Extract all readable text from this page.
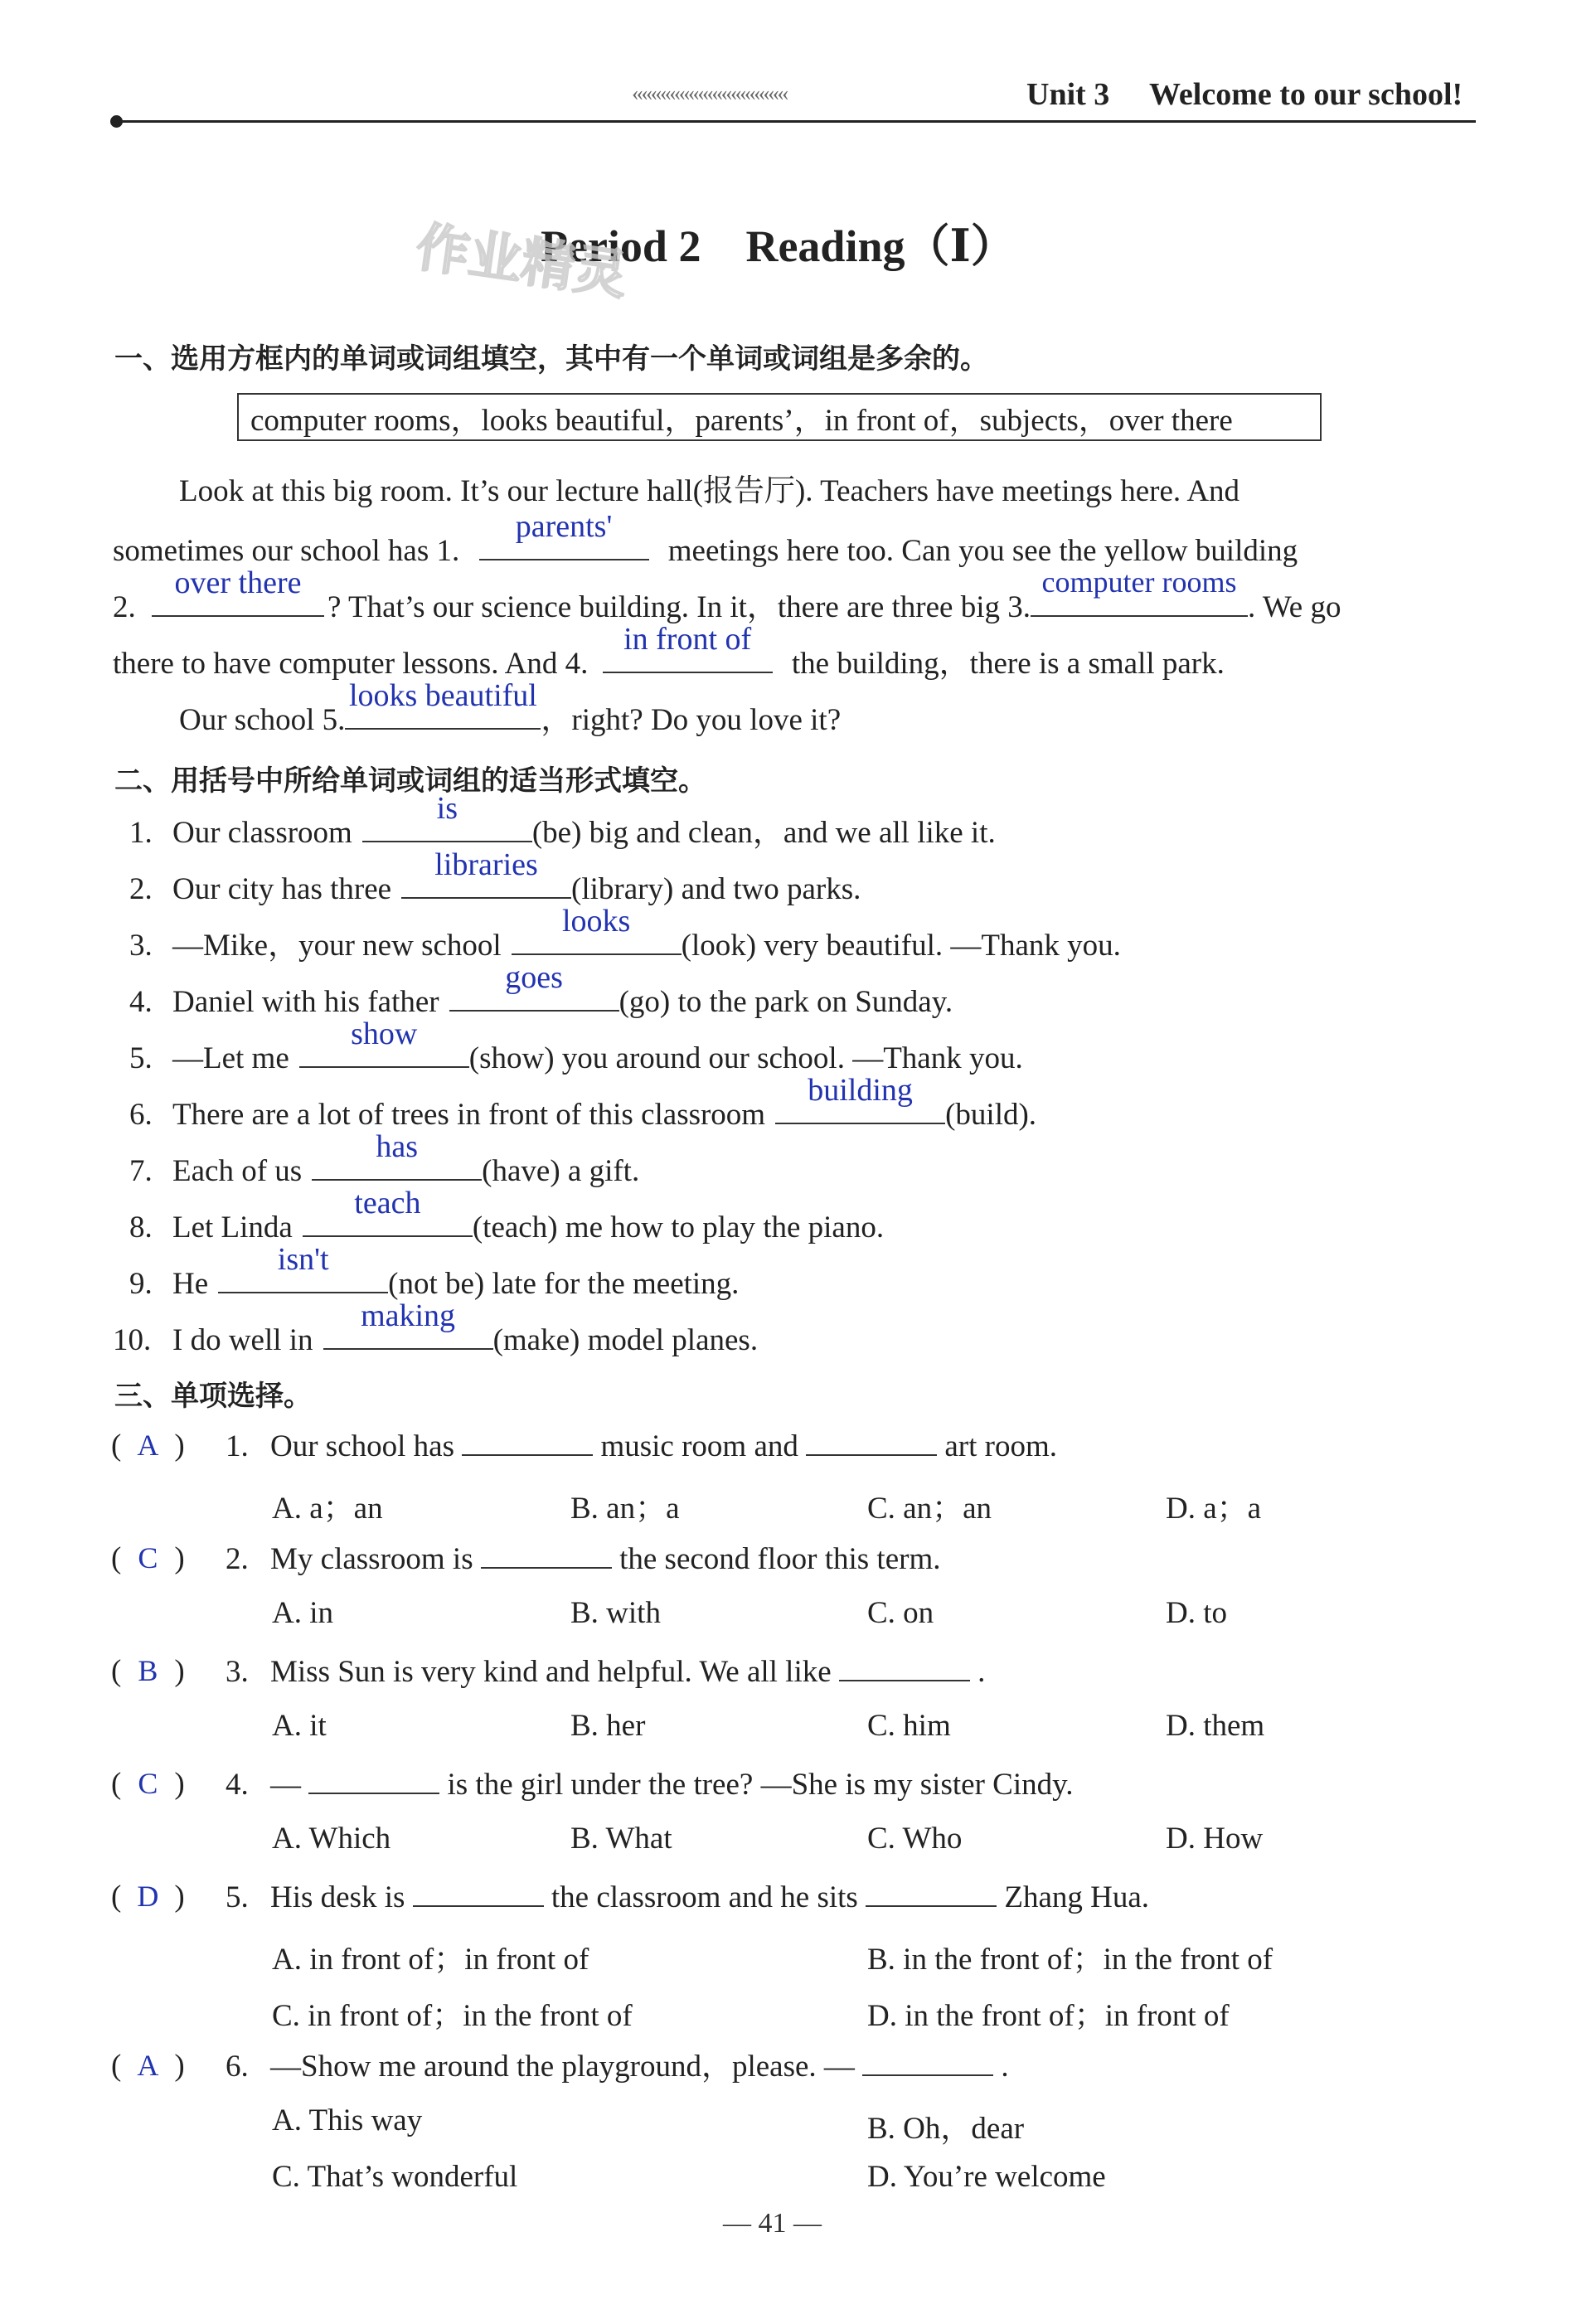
‹‹‹‹‹‹‹‹‹‹‹‹‹‹‹‹‹‹‹‹‹‹‹‹‹‹‹‹‹‹‹‹‹	Unit 3 Welcome to our school!
Period 2    Reading（Ⅰ）
作业精灵
一、选用方框内的单词或词组填空，其中有一个单词或词组是多余的。
computer rooms，looks beautiful，parents’，in front of，subjects，over there
Look at this big room. It’s our lecture hall(报告厅). Teachers have meetings here. And
sometimes our school has 1.
parents'
meetings here too. Can you see the yellow building
2.
over there
? That’s our science building. In it，there are three big 3.
computer rooms
. We go
there to have computer lessons. And 4.
in front of
the building，there is a small park.
Our school 5.
looks beautiful
，right? Do you love it?
二、用括号中所给单词或词组的适当形式填空。
1. Our classroom
is
(be) big and clean，and we all like it.
2. Our city has three
libraries
(library) and two parks.
3. —Mike，your new school
looks
(look) very beautiful. —Thank you.
4. Daniel with his father
goes
(go) to the park on Sunday.
5. —Let me
show
(show) you around our school. —Thank you.
6. There are a lot of trees in front of this classroom
building
(build).
7. Each of us
has
(have) a gift.
8. Let Linda
teach
(teach) me how to play the piano.
9. He
isn't
(not be) late for the meeting.
10. I do well in
making
(make) model planes.
三、单项选择。
( A ) 1. Our school has	music room and	art room.
A. a；an	B. an；a	C. an；an	D. a；a
( C ) 2. My classroom is	the second floor this term.
A. in	B. with	C. on	D. to
( B ) 3. Miss Sun is very kind and helpful. We all like	.
A. it	B. her	C. him	D. them
( C ) 4. —	is the girl under the tree? —She is my sister Cindy.
A. Which	B. What	C. Who	D. How
( D ) 5. His desk is	the classroom and he sits	Zhang Hua.
A. in front of；in front of	B. in the front of；in the front of
C. in front of；in the front of	D. in the front of；in front of
( A ) 6. —Show me around the playground，please. —	.
A. This way	B. Oh，dear
C. That’s wonderful	D. You’re welcome
— 41 —
